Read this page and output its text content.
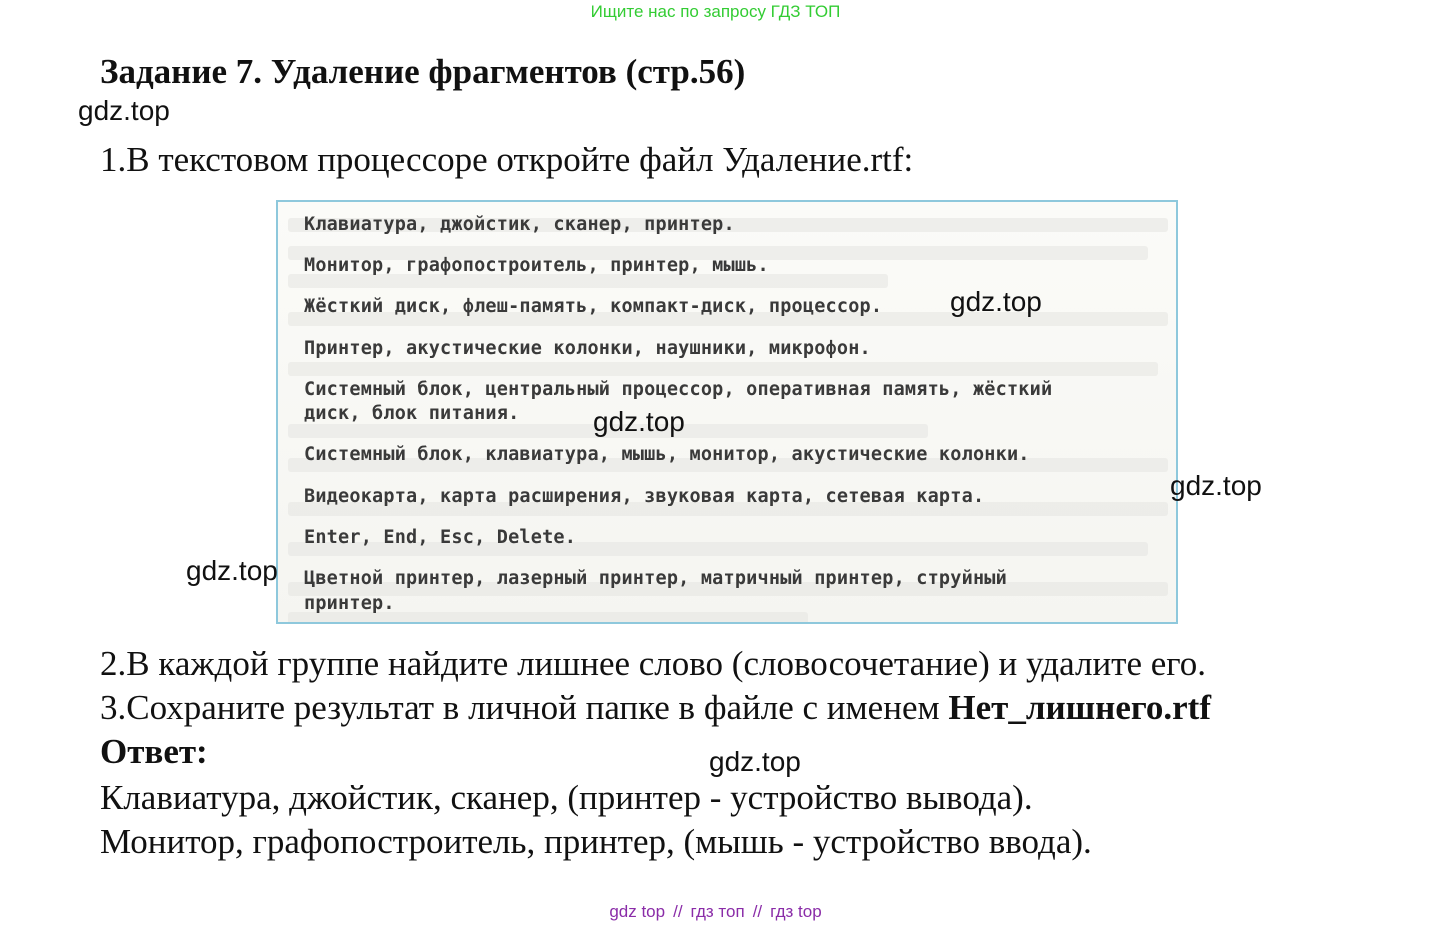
Ищите нас по запросу ГДЗ ТОП
Задание 7. Удаление фрагментов (стр.56)
gdz.top
1.В текстовом процессоре откройте файл Удаление.rtf:
Клавиатура, джойстик, сканер, принтер.
Монитор, графопостроитель, принтер, мышь.
Жёсткий диск, флеш-память, компакт-диск, процессор.
Принтер, акустические колонки, наушники, микрофон.
Системный блок, центральный процессор, оперативная память, жёсткий
диск, блок питания.
Системный блок, клавиатура, мышь, монитор, акустические колонки.
Видеокарта, карта расширения, звуковая карта, сетевая карта.
Enter, End, Esc, Delete.
Цветной принтер, лазерный принтер, матричный принтер, струйный
принтер.
gdz.top
gdz.top
gdz.top
gdz.top
2.В каждой группе найдите лишнее слово (словосочетание) и удалите его.
3.Сохраните результат в личной папке в файле с именем Нет_лишнего.rtf
Ответ:	gdz.top
Клавиатура, джойстик, сканер, (принтер - устройство вывода).
Монитор, графопостроитель, принтер, (мышь - устройство ввода).
gdz top // гдз топ // гдз top
